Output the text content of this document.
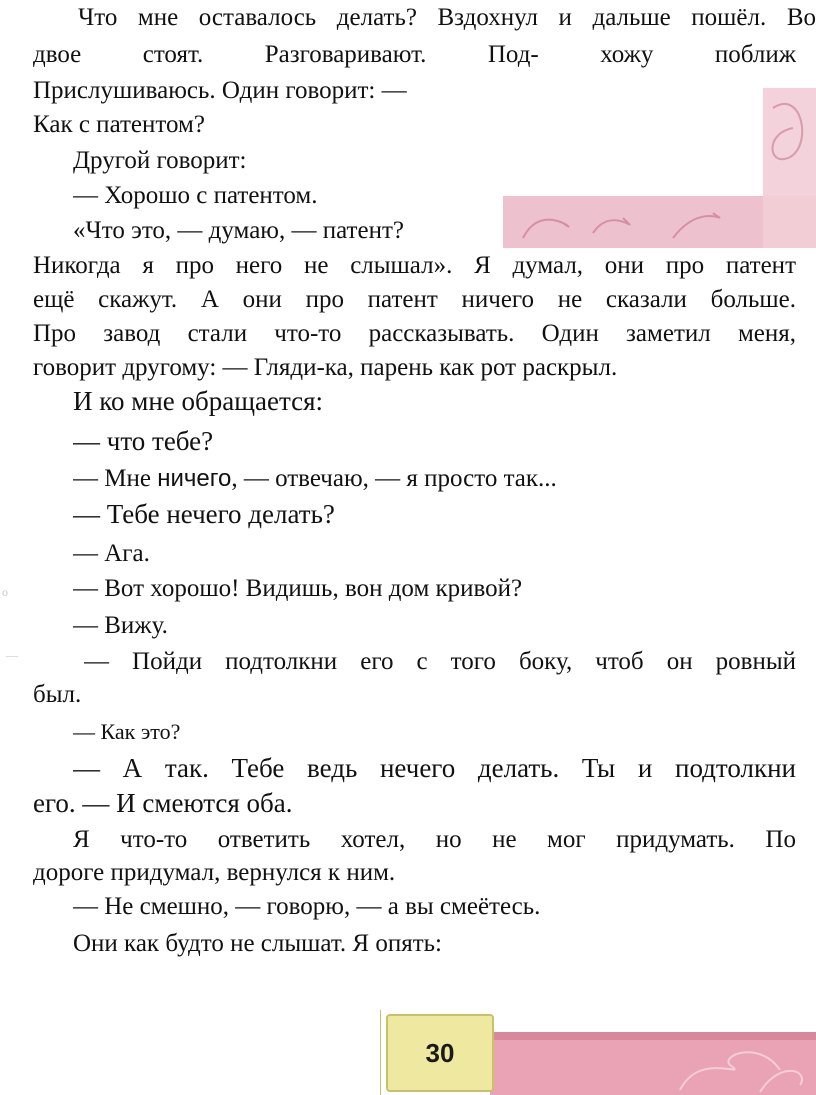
Что мне оставалось делать? Вздохнул и дальше пошёл. Во

двое стоят. Разговаривают. Под- хожу поближ

Прислушиваюсь. Один говорит: —

Как с патентом?

Другой говорит:

— Хорошо с патентом.

«Что это, — думаю, — патент?

Никогда я про него не слышал». Я думал, они про патент

ещё скажут. А они про патент ничего не сказали больше.

Про завод стали что-то рассказывать. Один заметил меня,

говорит другому: — Гляди-ка, парень как рот раскрыл.

И ко мне обращается:

— что тебе?

— Мне ничего, — отвечаю, — я просто так...

— Тебе нечего делать?

— Ага.

— Вот хорошо! Видишь, вон дом кривой?

— Вижу.

— Пойди подтолкни его с того боку, чтоб он ровный

был.

— Как это?

— А так. Тебе ведь нечего делать. Ты и подтолкни

его. — И смеются оба.

Я что-то ответить хотел, но не мог придумать. По

дороге придумал, вернулся к ним.

— Не смешно, — говорю, — а вы смеётесь.

Они как будто не слышат. Я опять:

o
—
30
